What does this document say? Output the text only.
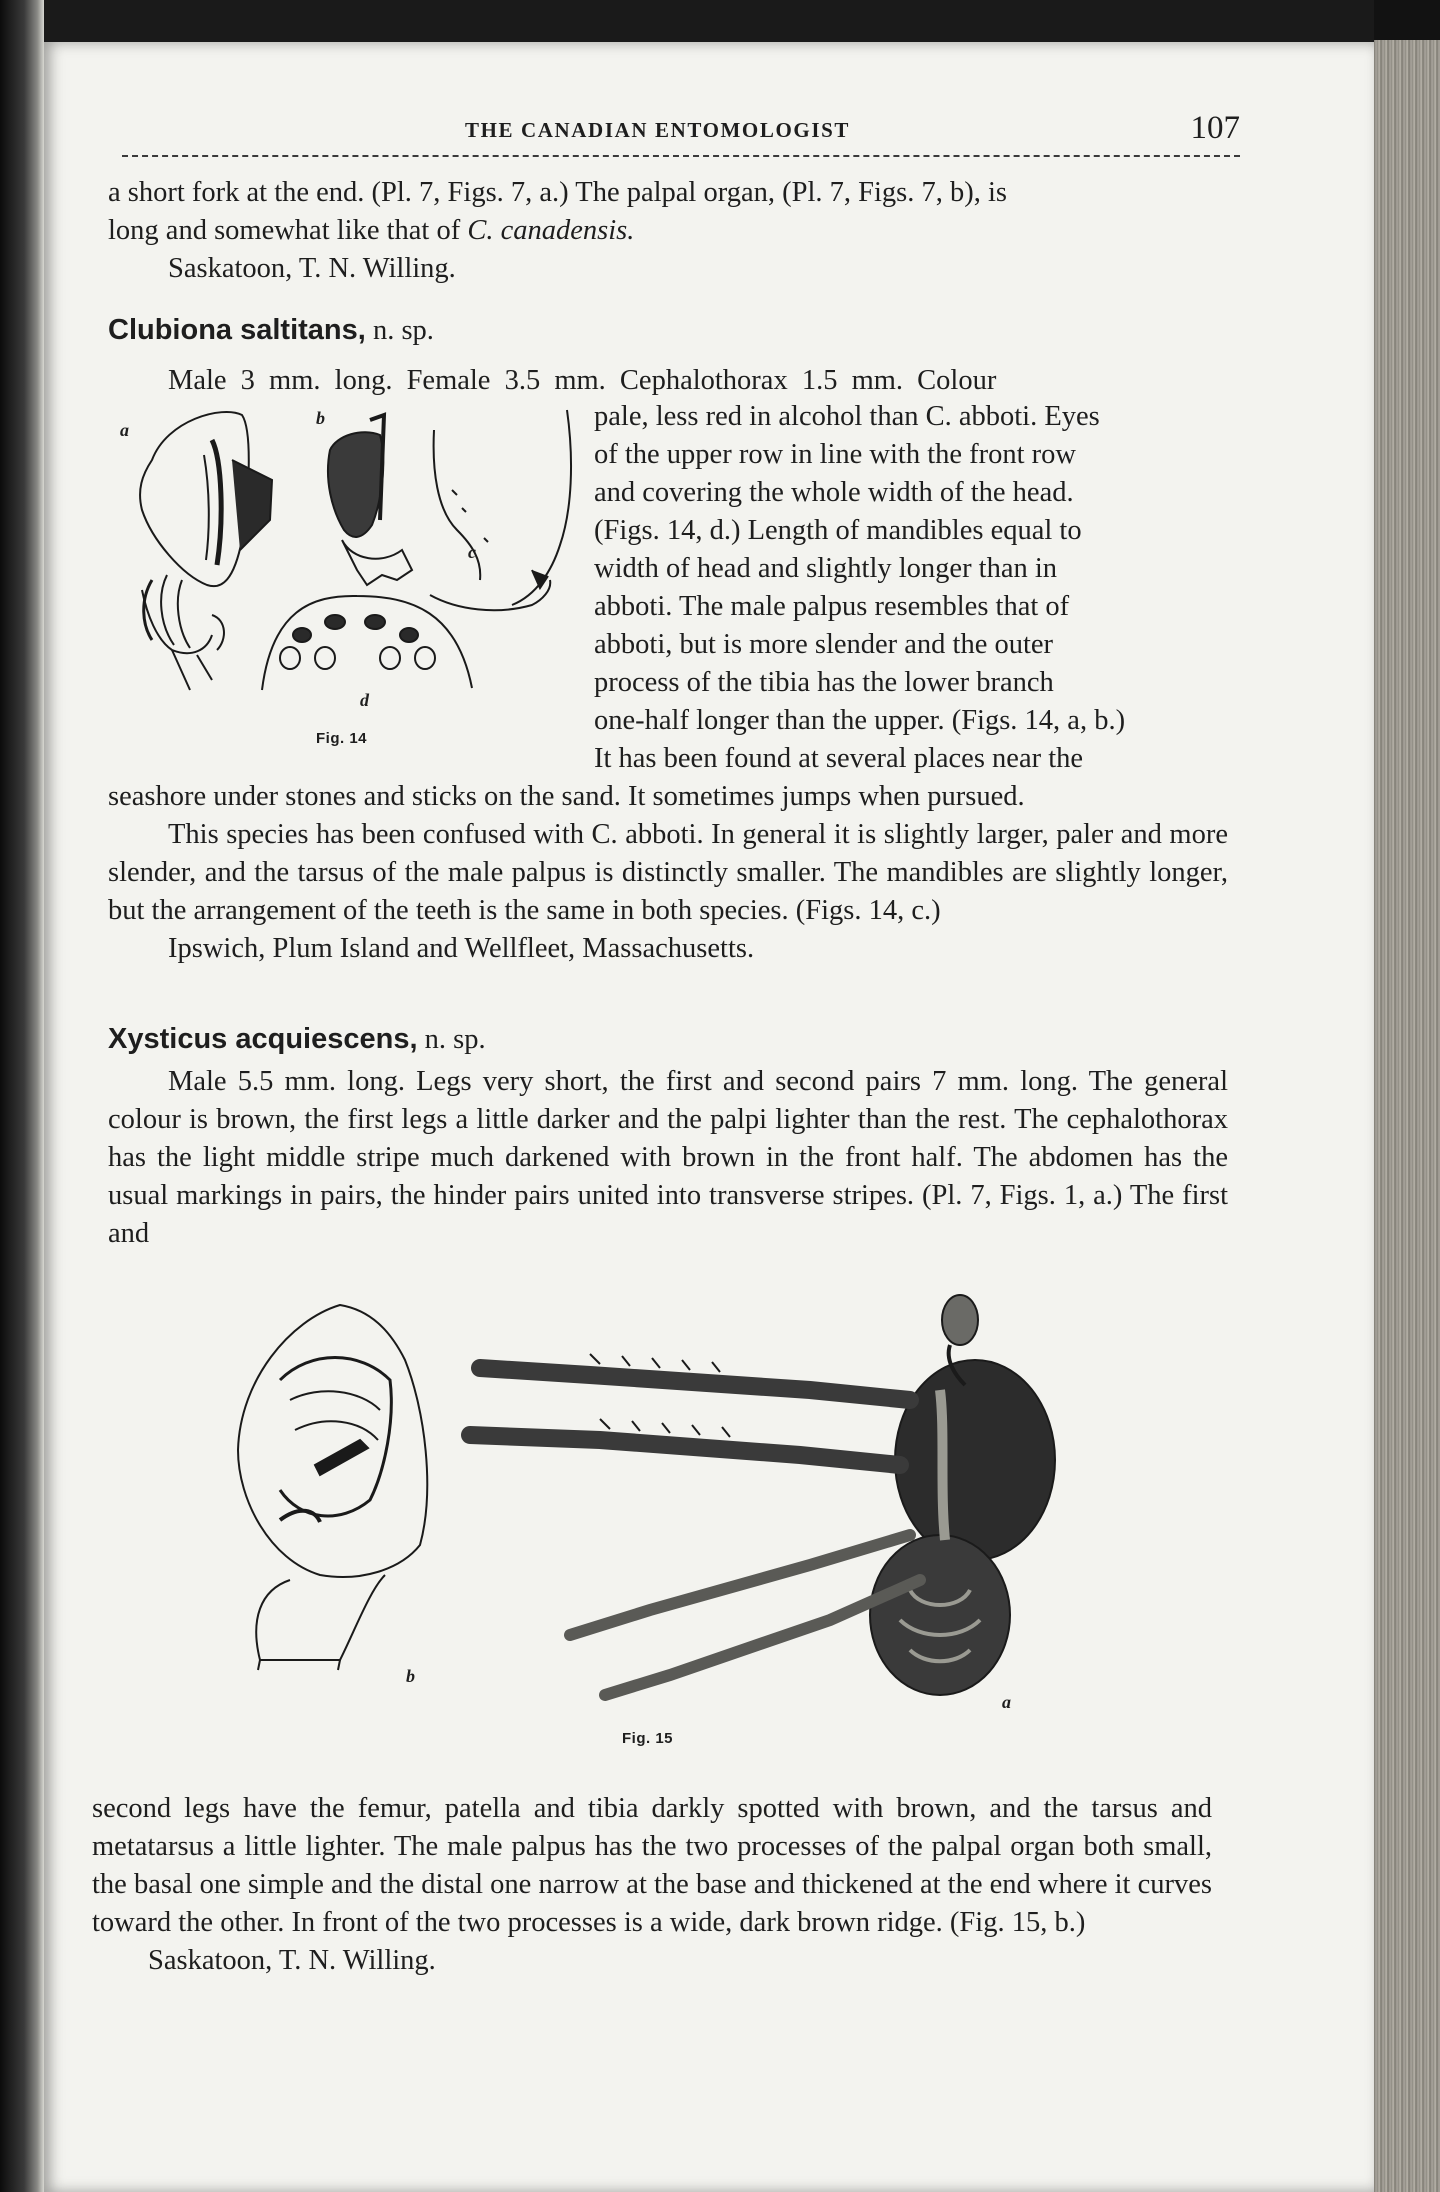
THE CANADIAN ENTOMOLOGIST	107

a short fork at the end. (Pl. 7, Figs. 7, a.) The palpal organ, (Pl. 7, Figs. 7, b), is

long and somewhat like that of C. canadensis.

Saskatoon, T. N. Willing.

Clubiona saltitans, n. sp.

Male 3 mm. long. Female 3.5 mm. Cephalothorax 1.5 mm. Colour

a
b
c
d
Fig. 14

pale, less red in alcohol than C. abboti. Eyes

of the upper row in line with the front row

and covering the whole width of the head.

(Figs. 14, d.) Length of mandibles equal to

width of head and slightly longer than in

abboti. The male palpus resembles that of

abboti, but is more slender and the outer

process of the tibia has the lower branch

one-half longer than the upper. (Figs. 14, a, b.)

It has been found at several places near the

seashore under stones and sticks on the sand. It sometimes jumps when pursued.

This species has been confused with C. abboti. In general it is slightly larger, paler and more slender, and the tarsus of the male palpus is distinctly smaller. The mandibles are slightly longer, but the arrangement of the teeth is the same in both species. (Figs. 14, c.)

Ipswich, Plum Island and Wellfleet, Massachusetts.

Xysticus acquiescens, n. sp.

Male 5.5 mm. long. Legs very short, the first and second pairs 7 mm. long. The general colour is brown, the first legs a little darker and the palpi lighter than the rest. The cephalothorax has the light middle stripe much darkened with brown in the front half. The abdomen has the usual markings in pairs, the hinder pairs united into transverse stripes. (Pl. 7, Figs. 1, a.) The first and

b
a
Fig. 15

second legs have the femur, patella and tibia darkly spotted with brown, and the tarsus and metatarsus a little lighter. The male palpus has the two processes of the palpal organ both small, the basal one simple and the distal one narrow at the base and thickened at the end where it curves toward the other. In front of the two processes is a wide, dark brown ridge. (Fig. 15, b.)

Saskatoon, T. N. Willing.
